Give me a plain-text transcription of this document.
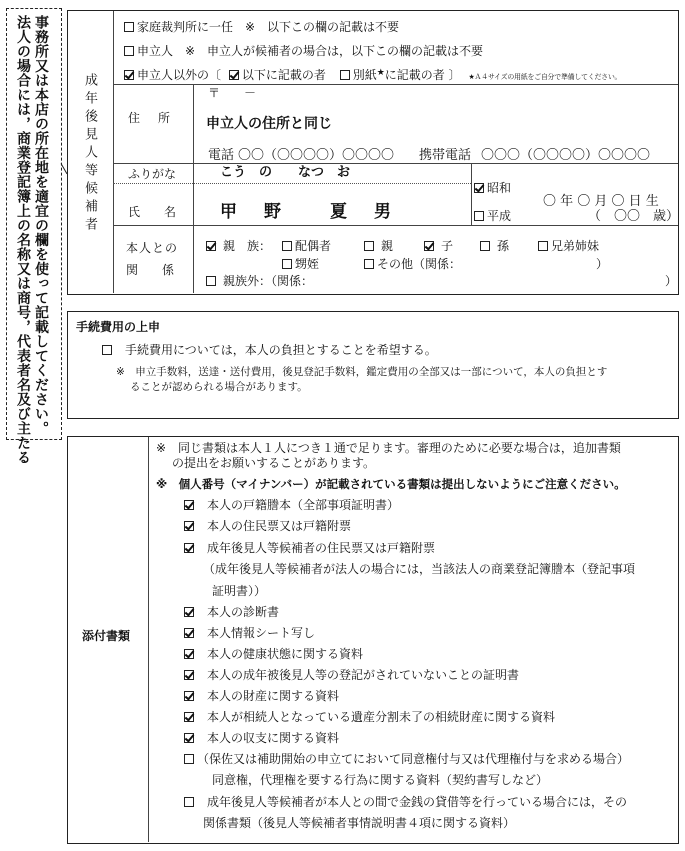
法人の場合には，商業登記簿上の名称又は商号，代表者名及び主たる 事務所又は本店の所在地を適宜の欄を使って記載してください。	成年後見人等候補者
家庭裁判所に一任　※　以下この欄の記載は不要
申立人　※　申立人が候補者の場合は，以下この欄の記載は不要
申立人以外の〔 以下に記載の者 別紙★に記載の者 〕 ★Ａ４サイズの用紙をご自分で準備してください。
住　所
〒　　－
申立人の住所と同じ
電話 〇〇（〇〇〇〇）〇〇〇〇 携帯電話 〇〇〇（〇〇〇〇）〇〇〇〇
ふりがな	こう　の　　なつ　お
氏　　名	甲　野　　夏　男
昭和
平成
〇 年 〇 月 〇 日 生
（　〇〇　歳）
本人との
関　　係
親　族：	配偶者	親	子	孫	兄弟姉妹
甥姪	その他（関係：	）
親族外：（関係：	）
手続費用の上申
手続費用については，本人の負担とすることを希望する。
※　申立手数料，送達・送付費用，後見登記手数料，鑑定費用の全部又は一部について，本人の負担とす
ることが認められる場合があります。
添付書類
※　同じ書類は本人１人につき１通で足ります。審理のために必要な場合は，追加書類
の提出をお願いすることがあります。
※　個人番号（マイナンバー）が記載されている書類は提出しないようにご注意ください。
本人の戸籍謄本（全部事項証明書）
本人の住民票又は戸籍附票
成年後見人等候補者の住民票又は戸籍附票
（成年後見人等候補者が法人の場合には，当該法人の商業登記簿謄本（登記事項
証明書））
本人の診断書
本人情報シート写し
本人の健康状態に関する資料
本人の成年被後見人等の登記がされていないことの証明書
本人の財産に関する資料
本人が相続人となっている遺産分割未了の相続財産に関する資料
本人の収支に関する資料
（保佐又は補助開始の申立てにおいて同意権付与又は代理権付与を求める場合）
同意権，代理権を要する行為に関する資料（契約書写しなど）
成年後見人等候補者が本人との間で金銭の貸借等を行っている場合には，その
関係書類（後見人等候補者事情説明書４項に関する資料）
